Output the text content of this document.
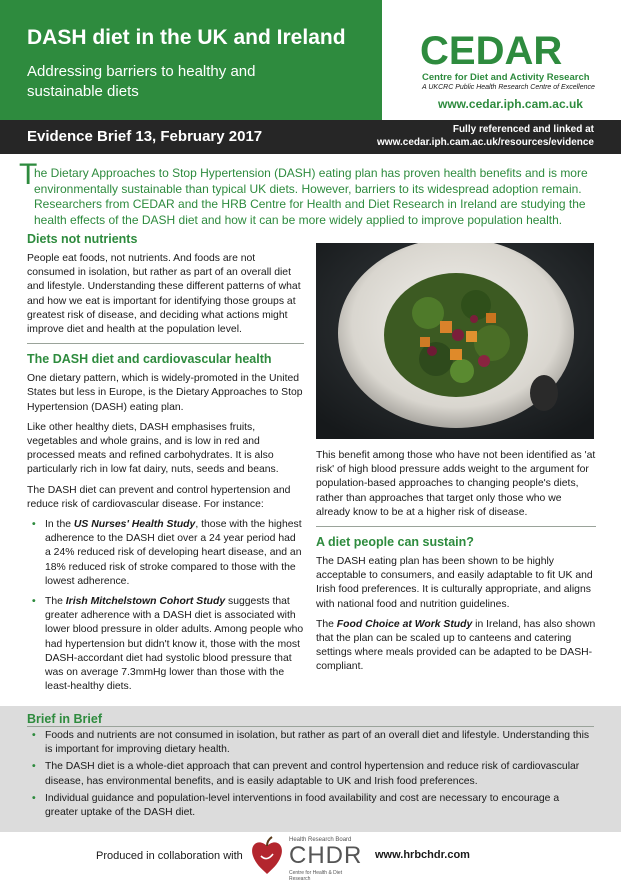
DASH diet in the UK and Ireland
Addressing barriers to healthy and sustainable diets
CEDAR
Centre for Diet and Activity Research
A UKCRC Public Health Research Centre of Excellence
www.cedar.iph.cam.ac.uk
Evidence Brief 13, February 2017	Fully referenced and linked at
www.cedar.iph.cam.ac.uk/resources/evidence
T
he Dietary Approaches to Stop Hypertension (DASH) eating plan has proven health benefits and is more environmentally sustainable than typical UK diets. However, barriers to its widespread adoption remain. Researchers from CEDAR and the HRB Centre for Health and Diet Research in Ireland are studying the health effects of the DASH diet and how it can be more widely applied to improve population health.
Diets not nutrients
People eat foods, not nutrients. And foods are not consumed in isolation, but rather as part of an overall diet and lifestyle. Understanding these different patterns of what and how we eat is important for identifying those groups at greatest risk of disease, and deciding what actions might improve diet and health at the population level.
The DASH diet and cardiovascular health
One dietary pattern, which is widely-promoted in the United States but less in Europe, is the Dietary Approaches to Stop Hypertension (DASH) eating plan.
Like other healthy diets, DASH emphasises fruits, vegetables and whole grains, and is low in red and processed meats and refined carbohydrates. It is also particularly rich in low fat dairy, nuts, seeds and beans.
The DASH diet can prevent and control hypertension and reduce risk of cardiovascular disease. For instance:
• In the US Nurses' Health Study, those with the highest adherence to the DASH diet over a 24 year period had a 24% reduced risk of developing heart disease, and an 18% reduced risk of stroke compared to those with the lowest adherence.
• The Irish Mitchelstown Cohort Study suggests that greater adherence with a DASH diet is associated with lower blood pressure in older adults. Among people who had hypertension but didn't know it, those with the most DASH-accordant diet had systolic blood pressure that was on average 7.3mmHg lower than those with the least-healthy diets.
This benefit among those who have not been identified as 'at risk' of high blood pressure adds weight to the argument for population-based approaches to changing people's diets, rather than approaches that target only those who we already know to be at a higher risk of disease.
A diet people can sustain?
The DASH eating plan has been shown to be highly acceptable to consumers, and easily adaptable to fit UK and Irish food preferences. It is culturally appropriate, and aligns with national food and nutrition guidelines.
The Food Choice at Work Study in Ireland, has also shown that the plan can be scaled up to canteens and catering settings where meals provided can be adapted to be DASH-compliant.
Brief in Brief
• Foods and nutrients are not consumed in isolation, but rather as part of an overall diet and lifestyle. Understanding this is important for improving dietary health.
• The DASH diet is a whole-diet approach that can prevent and control hypertension and reduce risk of cardiovascular disease, has environmental benefits, and is easily adaptable to UK and Irish food preferences.
• Individual guidance and population-level interventions in food availability and cost are necessary to encourage a greater uptake of the DASH diet.
Produced in collaboration with
Health Research Board
CHDR
Centre for Health & Diet Research
www.hrbchdr.com
